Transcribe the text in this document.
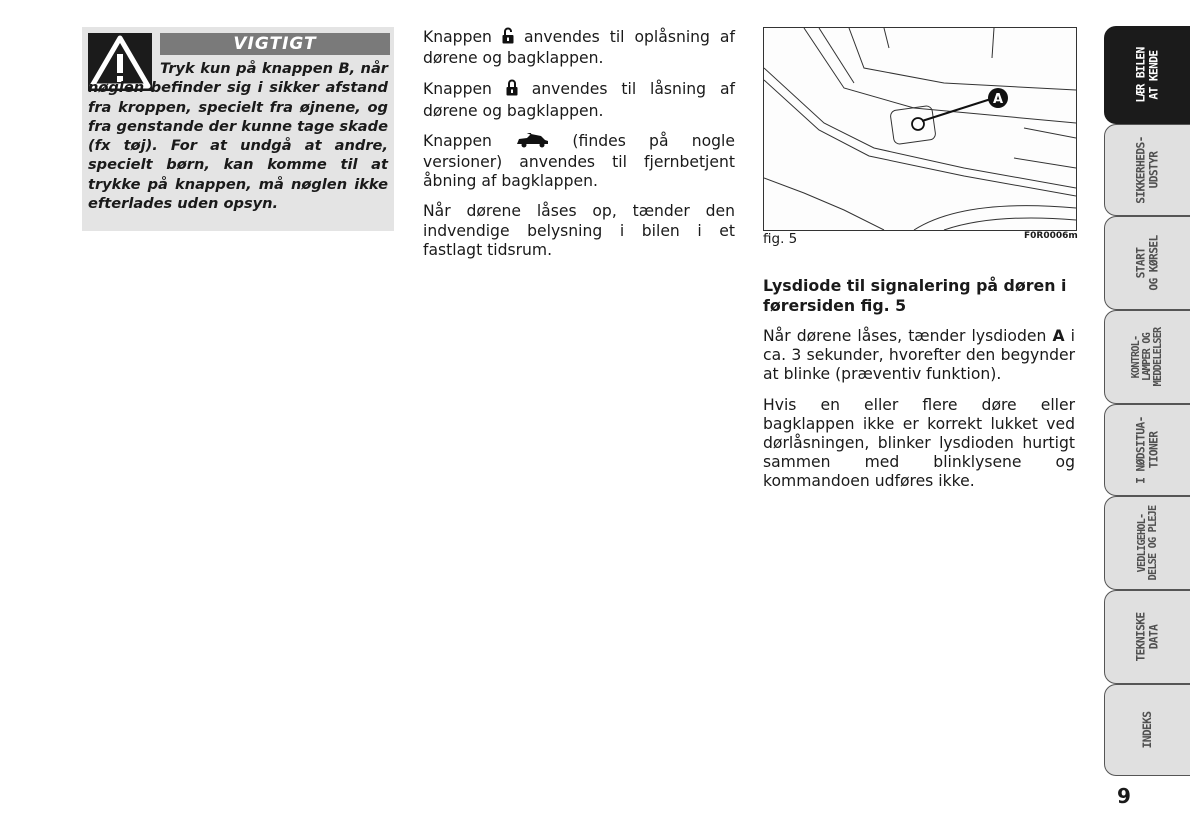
VIGTIGT
Tryk kun på knappen B, når nøglen befinder sig i sikker afstand fra kroppen, specielt fra øjnene, og fra genstande der kunne tage skade (fx tøj). For at undgå at andre, specielt børn, kan komme til at trykke på knappen, må nøglen ikke efterlades uden opsyn.

Knappen anvendes til oplåsning af dørene og bagklappen.

Knappen	anvendes til låsning af dørene og bagklappen.

Knappen	(findes på nogle versioner) anvendes til fjernbetjent åbning af bagklappen.

Når dørene låses op, tænder den indvendige belysning i bilen i et fastlagt tidsrum.

A
fig. 5	F0R0006m
Lysdiode til signalering på døren i førersiden fig. 5

Når dørene låses, tænder lysdioden A i ca. 3 sekunder, hvorefter den begynder at blinke (præventiv funktion).

Hvis en eller flere døre eller bagklappen ikke er korrekt lukket ved dørlåsningen, blinker lysdioden hurtigt sammen med blinklysene og kommandoen udføres ikke.

LÆR BILEN
AT KENDE
SIKKERHEDS-
UDSTYR
START
OG KØRSEL
KONTROL-
LAMPER OG
MEDDELELSER
I NØDSITUA-
TIONER
VEDLIGEHOL-
DELSE OG PLEJE
TEKNISKE
DATA
INDEKS
9
